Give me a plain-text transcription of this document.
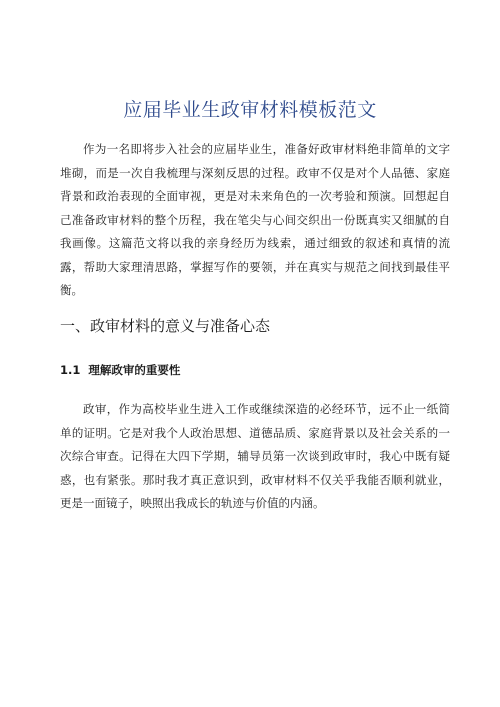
应届毕业生政审材料模板范文

作为一名即将步入社会的应届毕业生，准备好政审材料绝非简单的文字堆砌，而是一次自我梳理与深刻反思的过程。政审不仅是对个人品德、家庭背景和政治表现的全面审视，更是对未来角色的一次考验和预演。回想起自己准备政审材料的整个历程，我在笔尖与心间交织出一份既真实又细腻的自我画像。这篇范文将以我的亲身经历为线索，通过细致的叙述和真情的流露，帮助大家理清思路，掌握写作的要领，并在真实与规范之间找到最佳平衡。

一、政审材料的意义与准备心态
1.1 理解政审的重要性

政审，作为高校毕业生进入工作或继续深造的必经环节，远不止一纸简单的证明。它是对我个人政治思想、道德品质、家庭背景以及社会关系的一次综合审查。记得在大四下学期，辅导员第一次谈到政审时，我心中既有疑惑，也有紧张。那时我才真正意识到，政审材料不仅关乎我能否顺利就业，更是一面镜子，映照出我成长的轨迹与价值的内涵。
